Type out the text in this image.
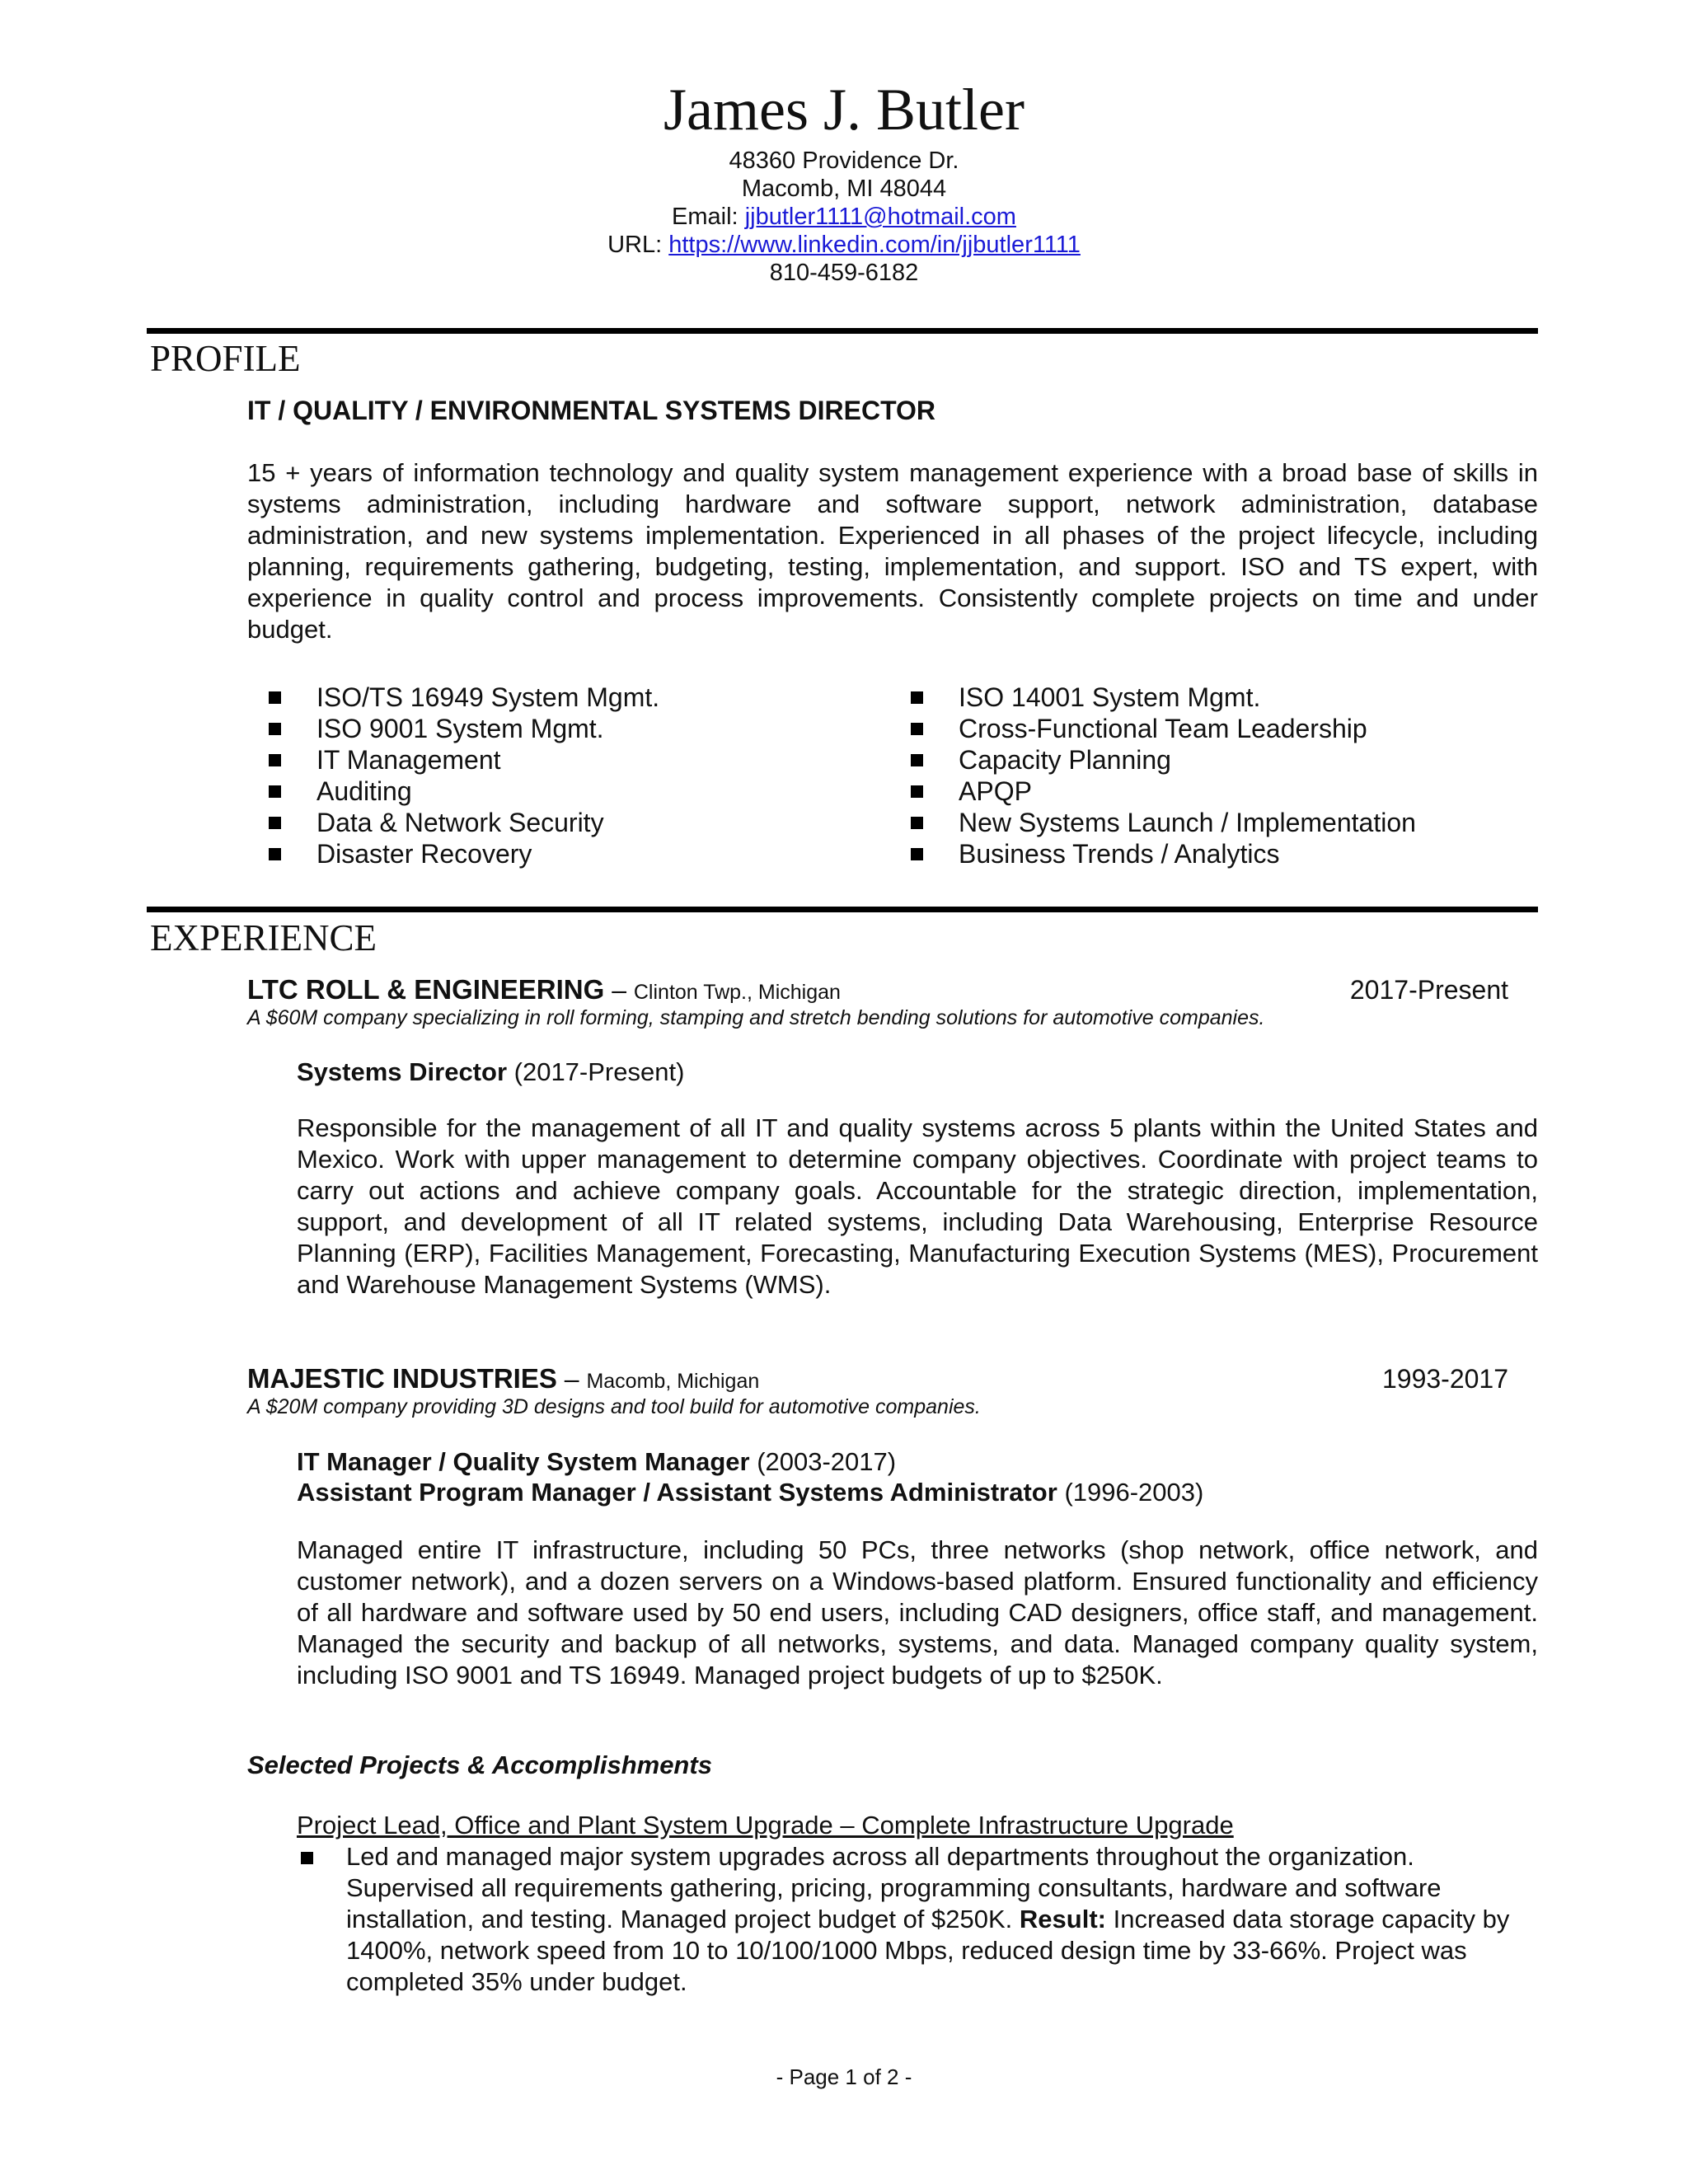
James J. Butler
48360 Providence Dr.
Macomb, MI 48044
Email: jjbutler1111@hotmail.com
URL: https://www.linkedin.com/in/jjbutler1111
810-459-6182
PROFILE
IT / QUALITY / ENVIRONMENTAL SYSTEMS DIRECTOR
15 + years of information technology and quality system management experience with a broad base of skills in systems administration, including hardware and software support, network administration, database administration, and new systems implementation. Experienced in all phases of the project lifecycle, including planning, requirements gathering, budgeting, testing, implementation, and support. ISO and TS expert, with experience in quality control and process improvements. Consistently complete projects on time and under budget.
ISO/TS 16949 System Mgmt.
ISO 9001 System Mgmt.
IT Management
Auditing
Data & Network Security
Disaster Recovery
ISO 14001 System Mgmt.
Cross-Functional Team Leadership
Capacity Planning
APQP
New Systems Launch / Implementation
Business Trends / Analytics
EXPERIENCE
LTC ROLL & ENGINEERING – Clinton Twp., Michigan	2017-Present
A $60M company specializing in roll forming, stamping and stretch bending solutions for automotive companies.
Systems Director (2017-Present)
Responsible for the management of all IT and quality systems across 5 plants within the United States and Mexico. Work with upper management to determine company objectives. Coordinate with project teams to carry out actions and achieve company goals. Accountable for the strategic direction, implementation, support, and development of all IT related systems, including Data Warehousing, Enterprise Resource Planning (ERP), Facilities Management, Forecasting, Manufacturing Execution Systems (MES), Procurement and Warehouse Management Systems (WMS).
MAJESTIC INDUSTRIES – Macomb, Michigan	1993-2017
A $20M company providing 3D designs and tool build for automotive companies.
IT Manager / Quality System Manager (2003-2017)
Assistant Program Manager / Assistant Systems Administrator (1996-2003)
Managed entire IT infrastructure, including 50 PCs, three networks (shop network, office network, and customer network), and a dozen servers on a Windows-based platform. Ensured functionality and efficiency of all hardware and software used by 50 end users, including CAD designers, office staff, and management. Managed the security and backup of all networks, systems, and data. Managed company quality system, including ISO 9001 and TS 16949. Managed project budgets of up to $250K.
Selected Projects & Accomplishments
Project Lead, Office and Plant System Upgrade – Complete Infrastructure Upgrade
Led and managed major system upgrades across all departments throughout the organization. Supervised all requirements gathering, pricing, programming consultants, hardware and software installation, and testing. Managed project budget of $250K. Result: Increased data storage capacity by 1400%, network speed from 10 to 10/100/1000 Mbps, reduced design time by 33-66%. Project was completed 35% under budget.
- Page 1 of 2 -
